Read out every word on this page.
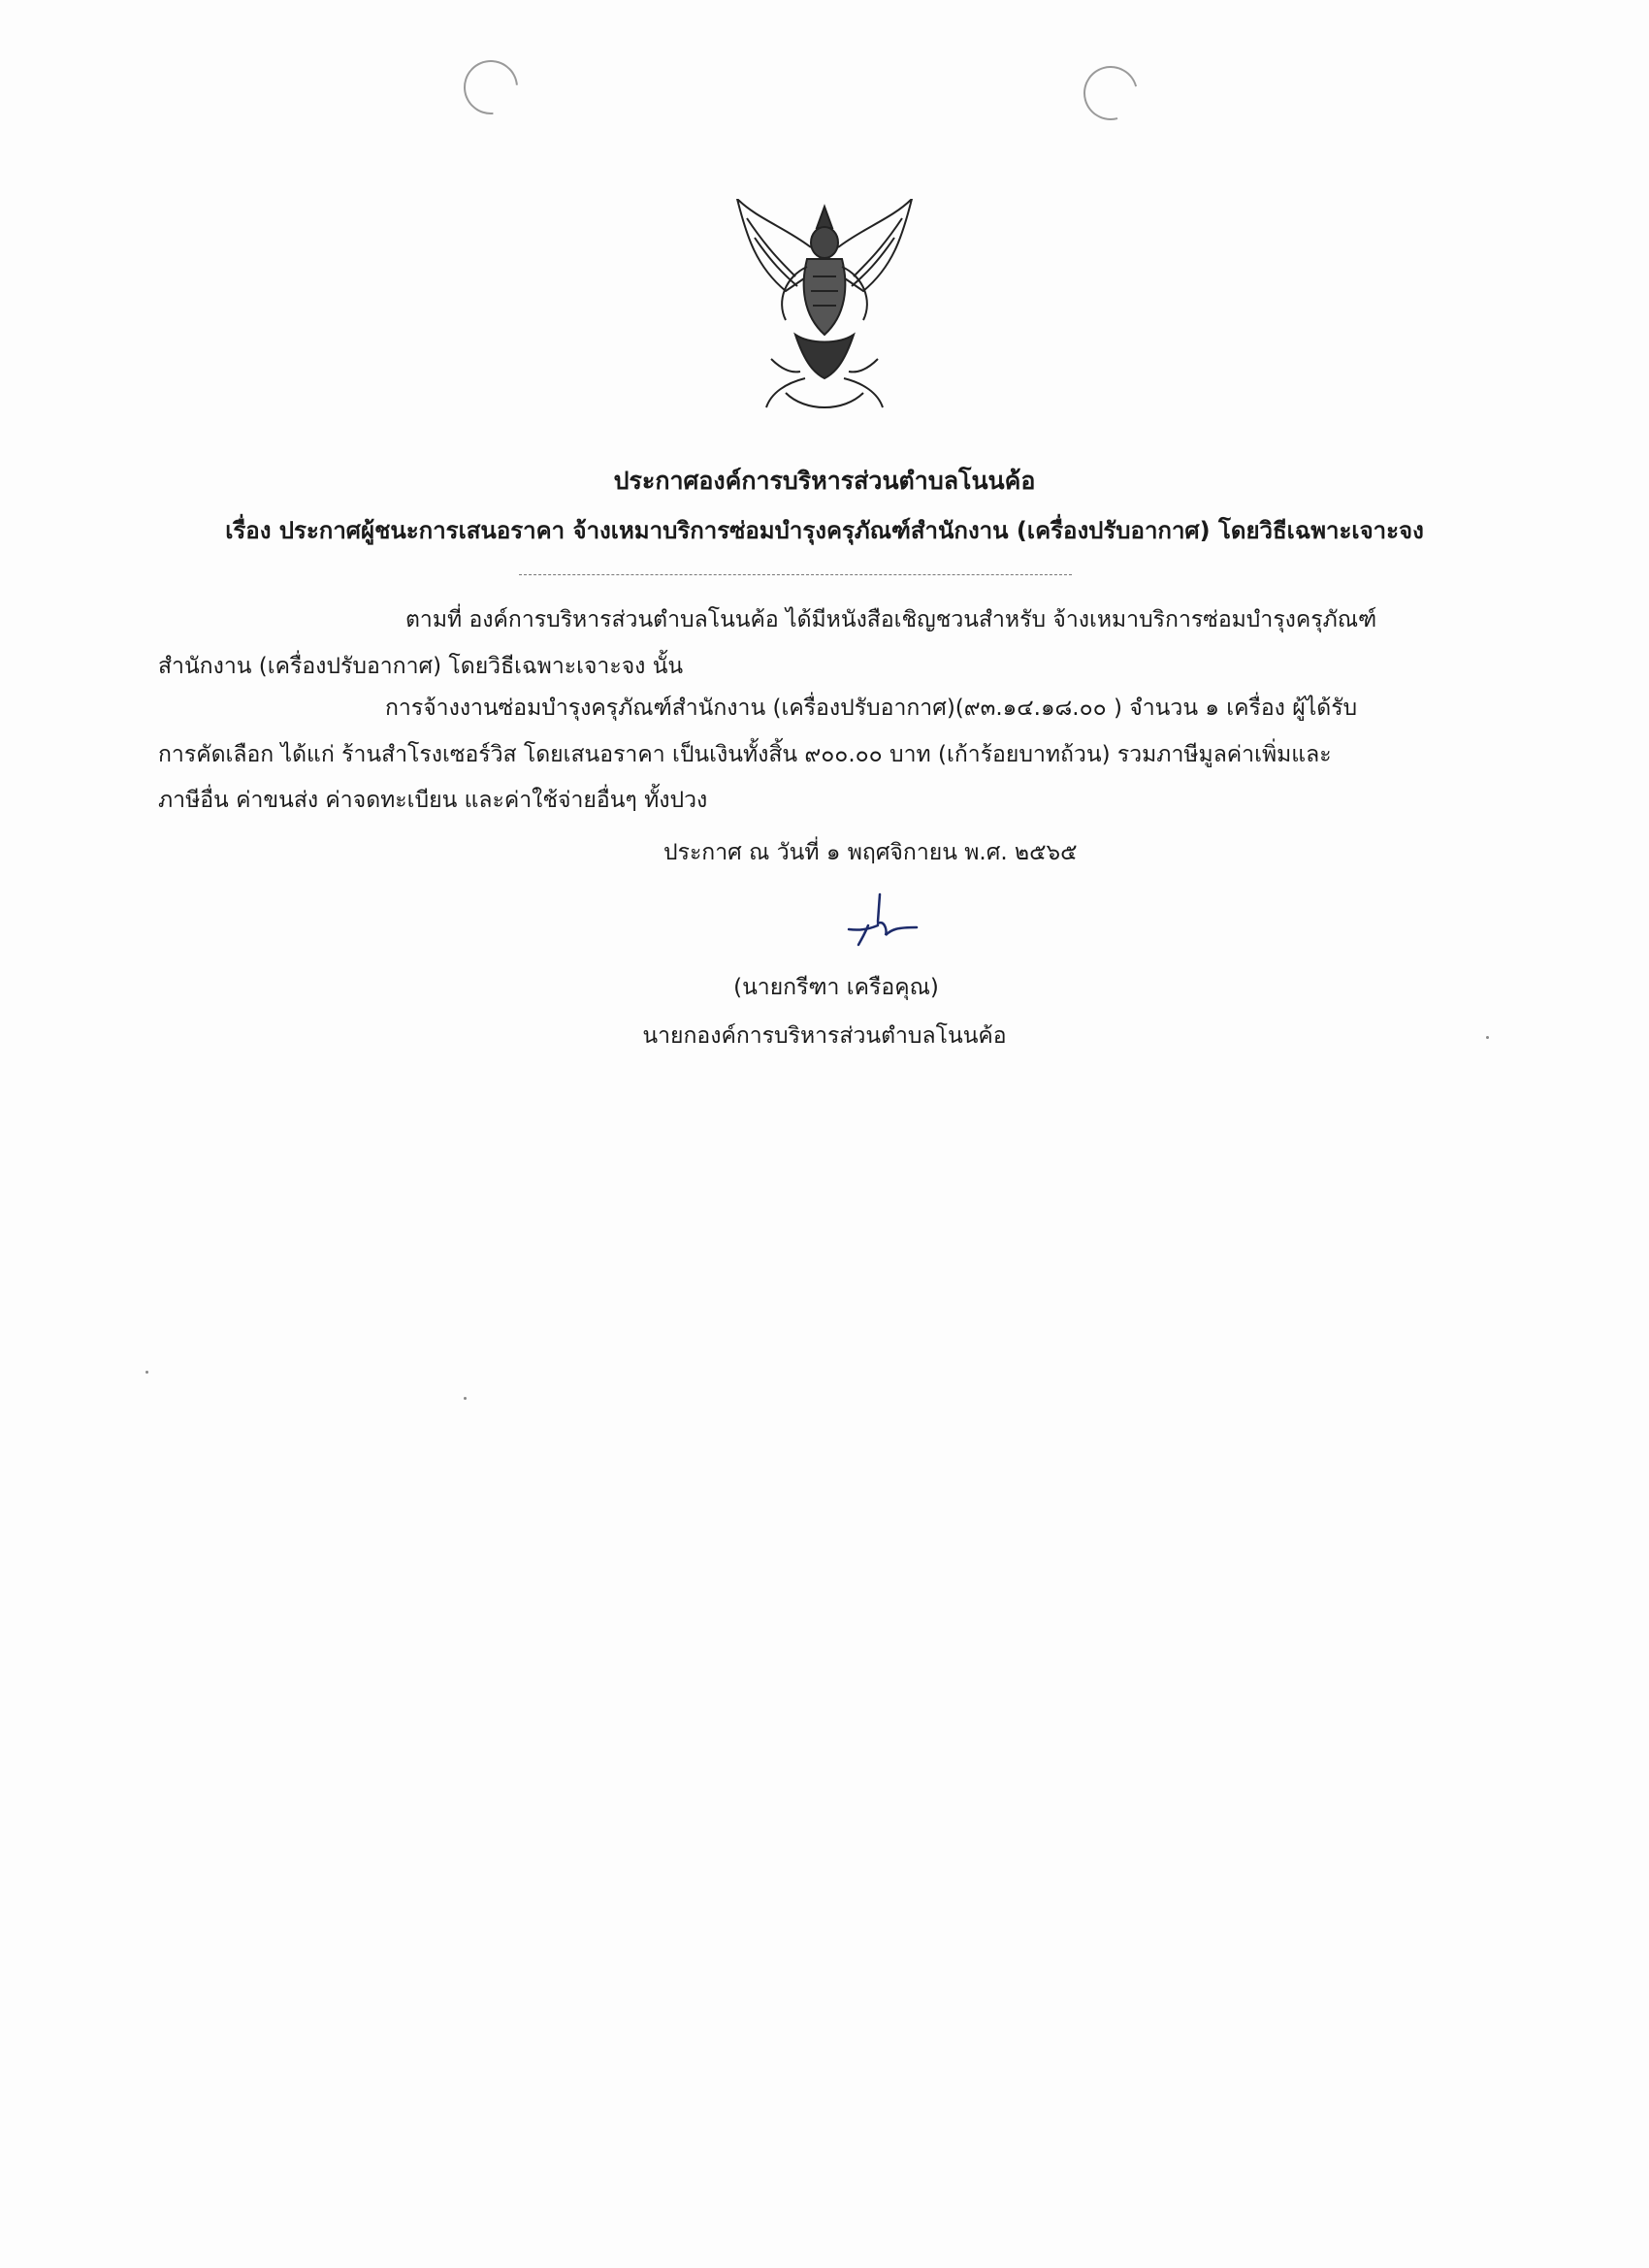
ประกาศองค์การบริหารส่วนตำบลโนนค้อ
เรื่อง ประกาศผู้ชนะการเสนอราคา จ้างเหมาบริการซ่อมบำรุงครุภัณฑ์สำนักงาน (เครื่องปรับอากาศ) โดยวิธีเฉพาะเจาะจง
ตามที่ องค์การบริหารส่วนตำบลโนนค้อ ได้มีหนังสือเชิญชวนสำหรับ จ้างเหมาบริการซ่อมบำรุงครุภัณฑ์
สำนักงาน (เครื่องปรับอากาศ) โดยวิธีเฉพาะเจาะจง นั้น
การจ้างงานซ่อมบำรุงครุภัณฑ์สำนักงาน (เครื่องปรับอากาศ)(๙๓.๑๔.๑๘.๐๐ ) จำนวน ๑ เครื่อง ผู้ได้รับ
การคัดเลือก ได้แก่ ร้านสำโรงเซอร์วิส โดยเสนอราคา เป็นเงินทั้งสิ้น ๙๐๐.๐๐ บาท (เก้าร้อยบาทถ้วน) รวมภาษีมูลค่าเพิ่มและ
ภาษีอื่น ค่าขนส่ง ค่าจดทะเบียน และค่าใช้จ่ายอื่นๆ ทั้งปวง
ประกาศ ณ วันที่ ๑ พฤศจิกายน พ.ศ. ๒๕๖๕
(นายกรีฑา เครือคุณ)
นายกองค์การบริหารส่วนตำบลโนนค้อ
